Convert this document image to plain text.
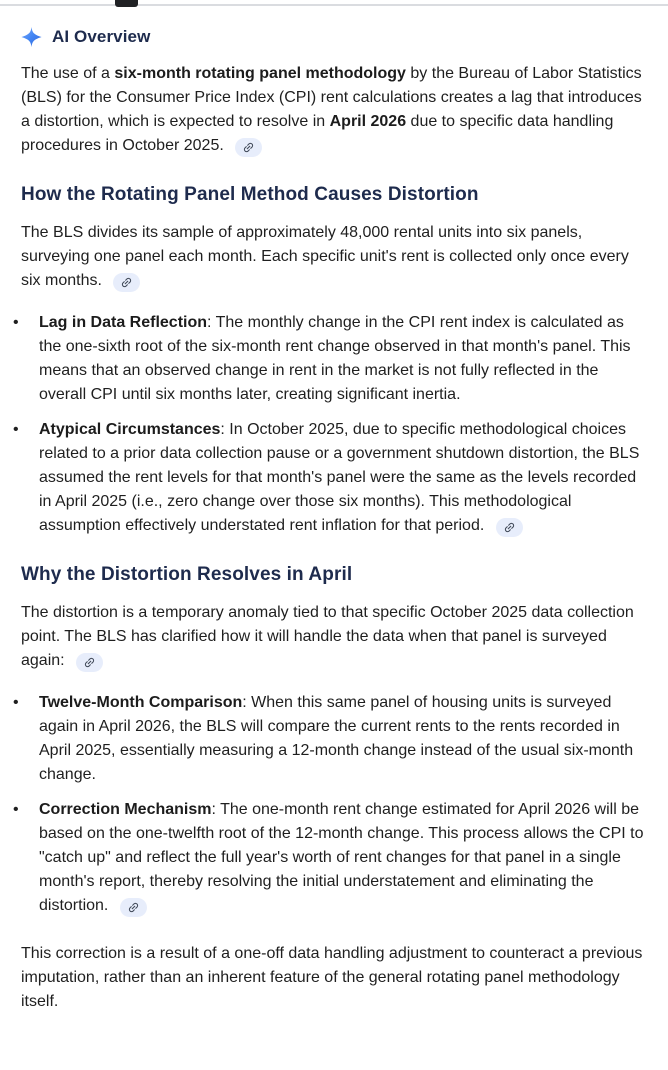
AI Overview
The use of a six-month rotating panel methodology by the Bureau of Labor Statistics (BLS) for the Consumer Price Index (CPI) rent calculations creates a lag that introduces a distortion, which is expected to resolve in April 2026 due to specific data handling procedures in October 2025.
How the Rotating Panel Method Causes Distortion
The BLS divides its sample of approximately 48,000 rental units into six panels, surveying one panel each month. Each specific unit's rent is collected only once every six months.
•	Lag in Data Reflection: The monthly change in the CPI rent index is calculated as the one-sixth root of the six-month rent change observed in that month's panel. This means that an observed change in rent in the market is not fully reflected in the overall CPI until six months later, creating significant inertia.
•	Atypical Circumstances: In October 2025, due to specific methodological choices related to a prior data collection pause or a government shutdown distortion, the BLS assumed the rent levels for that month's panel were the same as the levels recorded in April 2025 (i.e., zero change over those six months). This methodological assumption effectively understated rent inflation for that period.
Why the Distortion Resolves in April
The distortion is a temporary anomaly tied to that specific October 2025 data collection point. The BLS has clarified how it will handle the data when that panel is surveyed again:
•	Twelve-Month Comparison: When this same panel of housing units is surveyed again in April 2026, the BLS will compare the current rents to the rents recorded in April 2025, essentially measuring a 12-month change instead of the usual six-month change.
•	Correction Mechanism: The one-month rent change estimated for April 2026 will be based on the one-twelfth root of the 12-month change. This process allows the CPI to "catch up" and reflect the full year's worth of rent changes for that panel in a single month's report, thereby resolving the initial understatement and eliminating the distortion.
This correction is a result of a one-off data handling adjustment to counteract a previous imputation, rather than an inherent feature of the general rotating panel methodology itself.
